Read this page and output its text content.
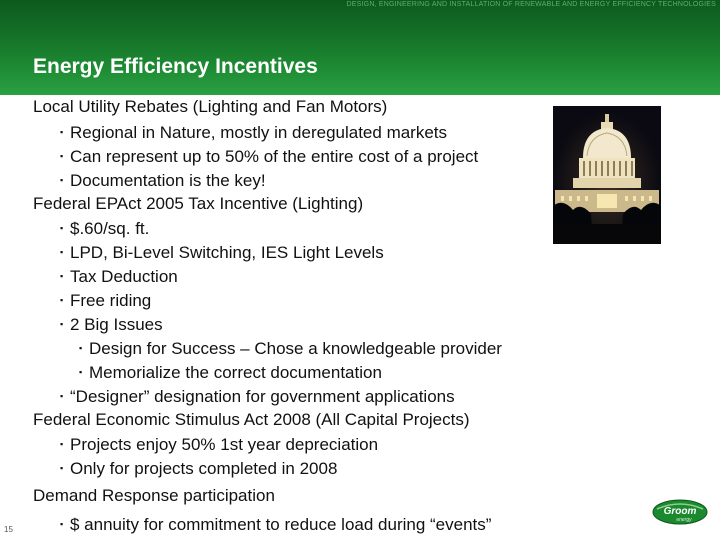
DESIGN, ENGINEERING AND INSTALLATION OF RENEWABLE AND ENERGY EFFICIENCY TECHNOLOGIES
Energy Efficiency Incentives
Local Utility Rebates (Lighting and Fan Motors)
▪ Regional in Nature, mostly in deregulated markets
▪ Can represent up to 50% of the entire cost of a project
▪ Documentation is the key!
Federal EPAct 2005 Tax Incentive (Lighting)
▪ $.60/sq. ft.
▪ LPD, Bi-Level Switching, IES Light Levels
▪ Tax Deduction
▪ Free riding
▪ 2 Big Issues
▪ Design for Success – Chose a knowledgeable provider
▪ Memorialize the correct documentation
▪ “Designer” designation for government applications
Federal Economic Stimulus Act 2008 (All Capital Projects)
▪ Projects enjoy 50% 1st year depreciation
▪ Only for projects completed in 2008
Demand Response participation
▪ $ annuity for commitment to reduce load during “events”
15
Groom
energy
